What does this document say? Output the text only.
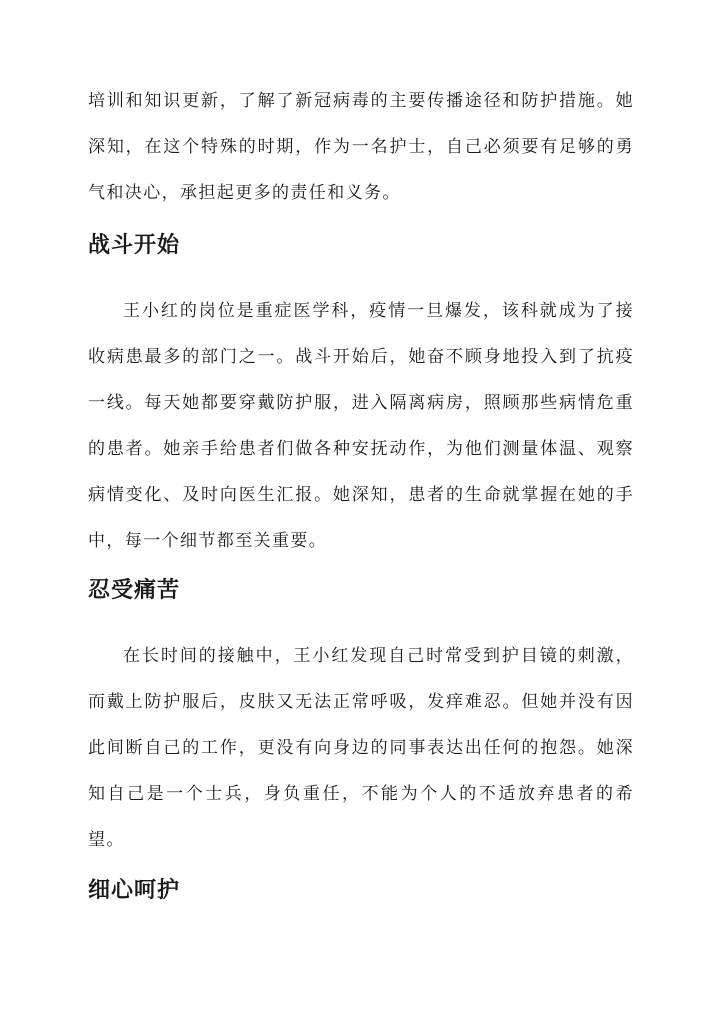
培训和知识更新，了解了新冠病毒的主要传播途径和防护措施。她深知，在这个特殊的时期，作为一名护士，自己必须要有足够的勇气和决心，承担起更多的责任和义务。

战斗开始

王小红的岗位是重症医学科，疫情一旦爆发，该科就成为了接收病患最多的部门之一。战斗开始后，她奋不顾身地投入到了抗疫一线。每天她都要穿戴防护服，进入隔离病房，照顾那些病情危重的患者。她亲手给患者们做各种安抚动作，为他们测量体温、观察病情变化、及时向医生汇报。她深知，患者的生命就掌握在她的手中，每一个细节都至关重要。

忍受痛苦

在长时间的接触中，王小红发现自己时常受到护目镜的刺激，而戴上防护服后，皮肤又无法正常呼吸，发痒难忍。但她并没有因此间断自己的工作，更没有向身边的同事表达出任何的抱怨。她深知自己是一个士兵，身负重任，不能为个人的不适放弃患者的希望。

细心呵护
